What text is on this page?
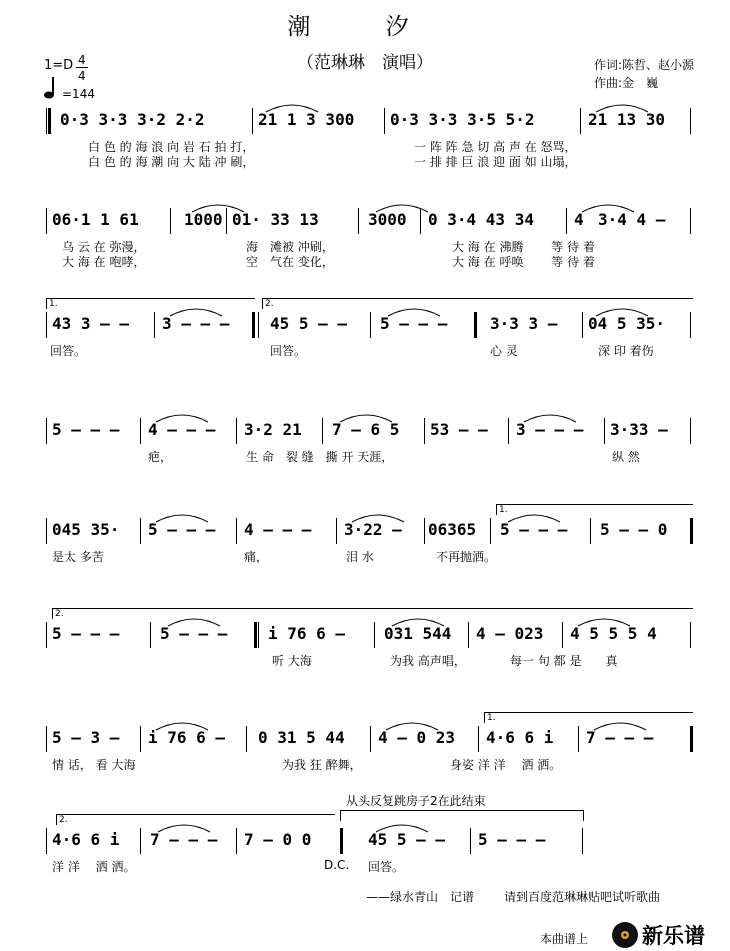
潮 汐
（范琳琳　演唱）	作词:陈哲、赵小源
作曲:金　巍
1=D 4
4
=144
0·3 3·3 3·2 2·2	21 1 3 300 0·3 3·3 3·5 5·2	21 13 30
白 色 的 海 浪 向 岩 石 拍 打，	一 阵 阵 急 切 高 声 在 怒骂，
白 色 的 海 潮 向 大 陆 冲 刷，	一 排 排 巨 浪 迎 面 如 山塌，
06·1 1 61	1000 01· 33 13	3000 0 3·4 43 34	4 3·4 4 –
乌 云 在 弥漫，	海　滩被 冲刷，	大 海 在 沸腾　　 等 待 着
大 海 在 咆哮，	空　气在 变化，	大 海 在 呼唤　　 等 待 着
43 3 – – 3 – – –	45 5 – – 5 – – –	3·3 3 – 04 5 35·
回答。	回答。	心 灵	深 印 着伤
1.	2.
5 – – – 4 – – – 3·2 21 7 – 6 5 53 – – 3 – – – 3·33 –
疤，	生 命　裂 缝　撕 开 天涯，	纵 然
045 35· 5 – – – 4 – – – 3·22 – 06365 5 – – – 5 – – 0
是太 多苦	痛，	泪 水	不再抛洒。
1.
5 – – –	5 – – –	i 76 6 – 031 544 4 – 023 4 5 5 5 4
听 大海	为我 高声唱，	每一 句 都 是　　真
2.
5 – 3 – i 76 6 – 0 31 5 44 4 – 0 23 4·6 6 i 7 – – –
情 话， 看 大海	为我 狂 醉舞，	身姿 洋 洋　 洒 洒。
1.
4·6 6 i 7 – – – 7 – 0 0	45 5 – – 5 – – –
洋 洋　 洒 洒。	D.C. 回答。
2.
从头反复跳房子2在此结束
——绿水青山　记谱 请到百度范琳琳贴吧试听歌曲
本曲谱上	新乐谱
